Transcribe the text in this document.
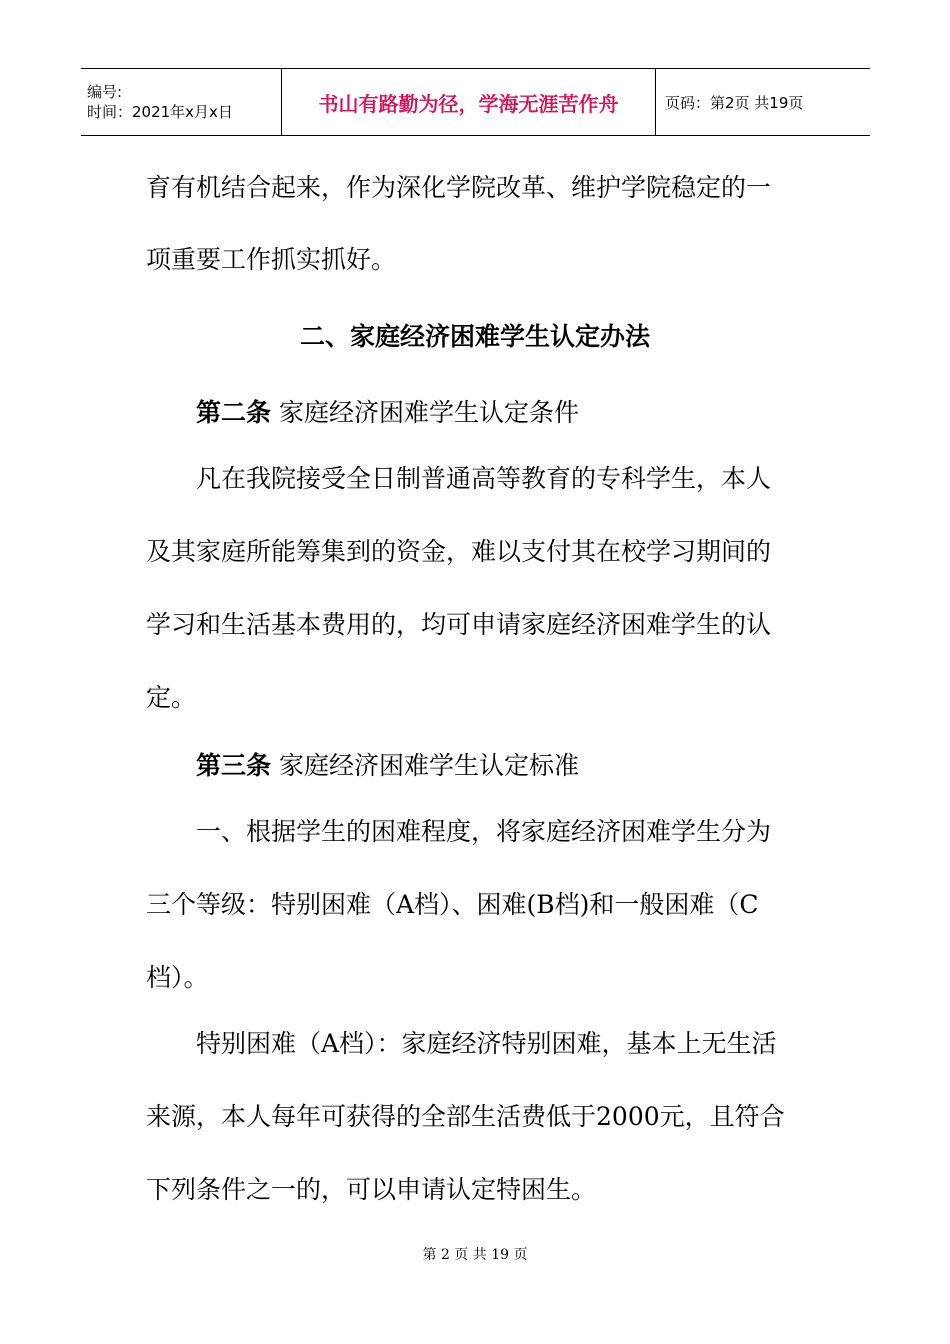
编号:
时间：2021年x月x日	书山有路勤为径，学海无涯苦作舟	页码：第2页 共19页
育有机结合起来，作为深化学院改革、维护学院稳定的一
项重要工作抓实抓好。
二、家庭经济困难学生认定办法
第二条 家庭经济困难学生认定条件
凡在我院接受全日制普通高等教育的专科学生，本人
及其家庭所能筹集到的资金，难以支付其在校学习期间的
学习和生活基本费用的，均可申请家庭经济困难学生的认
定。
第三条 家庭经济困难学生认定标准
一、根据学生的困难程度，将家庭经济困难学生分为
三个等级：特别困难（A档）、困难(B档)和一般困难（C
档）。
特别困难（A档）：家庭经济特别困难，基本上无生活
来源，本人每年可获得的全部生活费低于2000元，且符合
下列条件之一的，可以申请认定特困生。
第 2 页 共 19 页
